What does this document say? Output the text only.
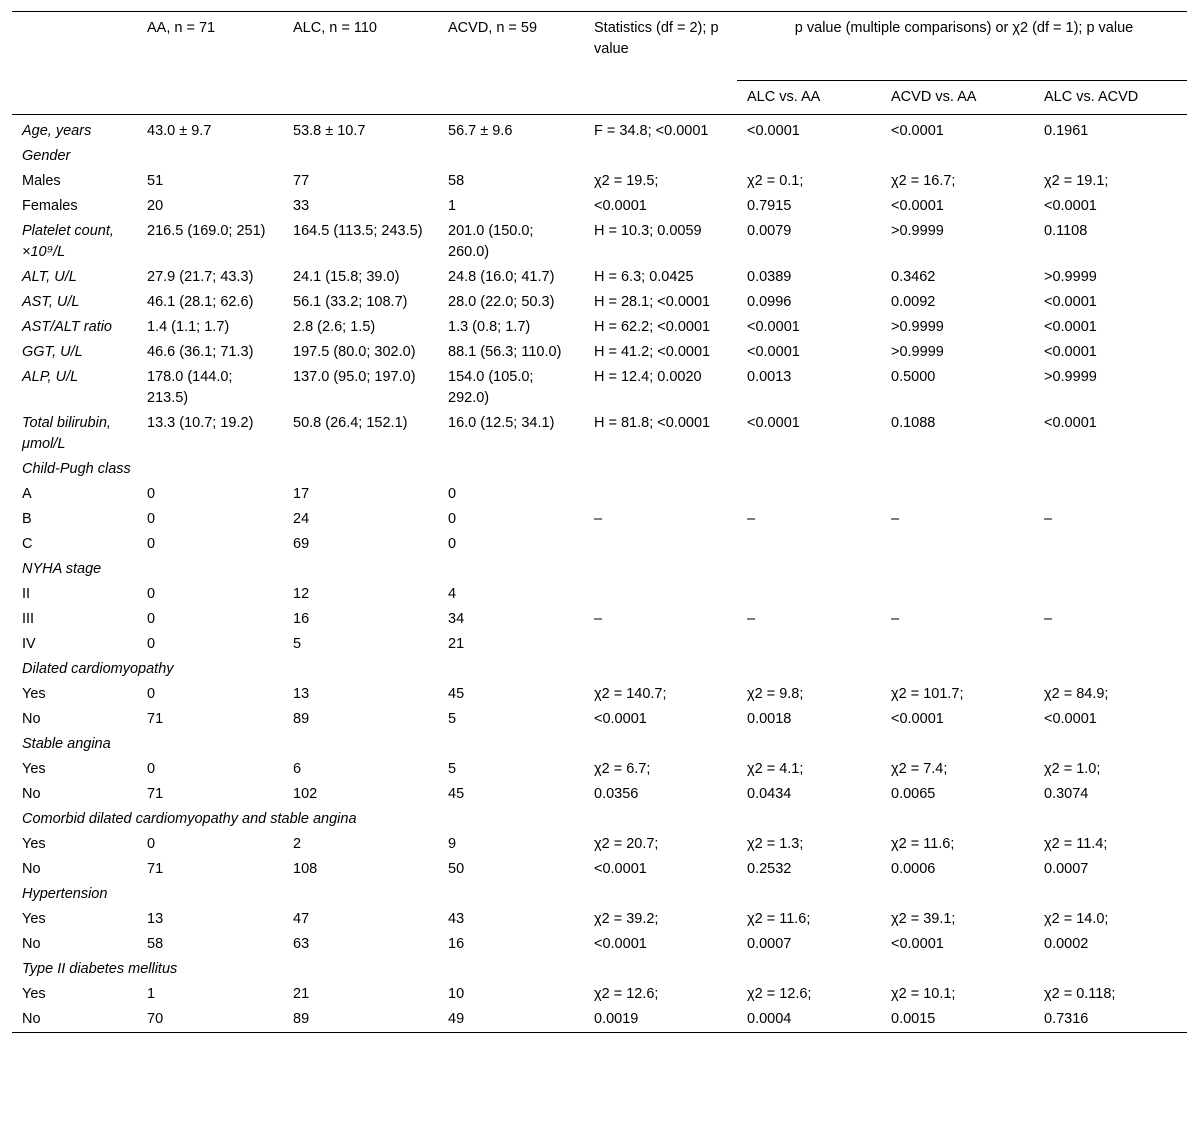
	AA, n = 71	ALC, n = 110	ACVD, n = 59	Statistics (df = 2); p value	p value (multiple comparisons) or χ2 (df = 1); p value		
					ALC vs. AA	ACVD vs. AA	ALC vs. ACVD
Age, years	43.0 ± 9.7	53.8 ± 10.7	56.7 ± 9.6	F = 34.8; <0.0001	<0.0001	<0.0001	0.1961
Gender							
Males	51	77	58	χ2 = 19.5;	χ2 = 0.1;	χ2 = 16.7;	χ2 = 19.1;
Females	20	33	1	<0.0001	0.7915	<0.0001	<0.0001
Platelet count, ×10⁹/L	216.5 (169.0; 251)	164.5 (113.5; 243.5)	201.0 (150.0; 260.0)	H = 10.3; 0.0059	0.0079	>0.9999	0.1108
ALT, U/L	27.9 (21.7; 43.3)	24.1 (15.8; 39.0)	24.8 (16.0; 41.7)	H = 6.3; 0.0425	0.0389	0.3462	>0.9999
AST, U/L	46.1 (28.1; 62.6)	56.1 (33.2; 108.7)	28.0 (22.0; 50.3)	H = 28.1; <0.0001	0.0996	0.0092	<0.0001
AST/ALT ratio	1.4 (1.1; 1.7)	2.8 (2.6; 1.5)	1.3 (0.8; 1.7)	H = 62.2; <0.0001	<0.0001	>0.9999	<0.0001
GGT, U/L	46.6 (36.1; 71.3)	197.5 (80.0; 302.0)	88.1 (56.3; 110.0)	H = 41.2; <0.0001	<0.0001	>0.9999	<0.0001
ALP, U/L	178.0 (144.0; 213.5)	137.0 (95.0; 197.0)	154.0 (105.0; 292.0)	H = 12.4; 0.0020	0.0013	0.5000	>0.9999
Total bilirubin, μmol/L	13.3 (10.7; 19.2)	50.8 (26.4; 152.1)	16.0 (12.5; 34.1)	H = 81.8; <0.0001	<0.0001	0.1088	<0.0001
Child-Pugh class							
A	0	17	0				
B	0	24	0	–	–	–	–
C	0	69	0				
NYHA stage							
II	0	12	4				
III	0	16	34	–	–	–	–
IV	0	5	21				
Dilated cardiomyopathy							
Yes	0	13	45	χ2 = 140.7;	χ2 = 9.8;	χ2 = 101.7;	χ2 = 84.9;
No	71	89	5	<0.0001	0.0018	<0.0001	<0.0001
Stable angina							
Yes	0	6	5	χ2 = 6.7;	χ2 = 4.1;	χ2 = 7.4;	χ2 = 1.0;
No	71	102	45	0.0356	0.0434	0.0065	0.3074
Comorbid dilated cardiomyopathy and stable angina							
Yes	0	2	9	χ2 = 20.7;	χ2 = 1.3;	χ2 = 11.6;	χ2 = 11.4;
No	71	108	50	<0.0001	0.2532	0.0006	0.0007
Hypertension							
Yes	13	47	43	χ2 = 39.2;	χ2 = 11.6;	χ2 = 39.1;	χ2 = 14.0;
No	58	63	16	<0.0001	0.0007	<0.0001	0.0002
Type II diabetes mellitus							
Yes	1	21	10	χ2 = 12.6;	χ2 = 12.6;	χ2 = 10.1;	χ2 = 0.118;
No	70	89	49	0.0019	0.0004	0.0015	0.7316
